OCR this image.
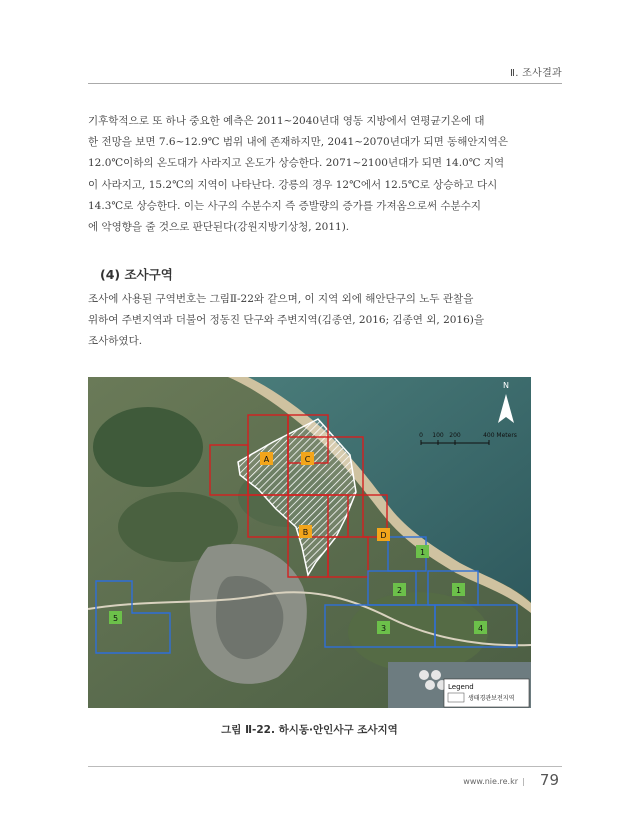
Ⅱ. 조사결과

기후학적으로 또 하나 중요한 예측은 2011~2040년대 영동 지방에서 연평균기온에 대
한 전망을 보면 7.6~12.9℃ 범위 내에 존재하지만, 2041~2070년대가 되면 동해안지역은
12.0℃이하의 온도대가 사라지고 온도가 상승한다. 2071~2100년대가 되면 14.0℃ 지역
이 사라지고, 15.2℃의 지역이 나타난다. 강릉의 경우 12℃에서 12.5℃로 상승하고 다시
14.3℃로 상승한다. 이는 사구의 수분수지 즉 증발량의 증가를 가져옴으로써 수분수지
에 악영향을 줄 것으로 판단된다(강원지방기상청, 2011).

(4) 조사구역

조사에 사용된 구역번호는 그림Ⅱ-22와 같으며, 이 지역 외에 해안단구의 노두 관찰을
위하여 주변지역과 더불어 정동진 단구와 주변지역(김종연, 2016; 김종연 외, 2016)을
조사하였다.

A	C
B	D
1
2	1
3	4
5
N
0 100 200	400 Meters
Legend
생태경관보전지역
그림 Ⅱ-22. 하시동·안인사구 조사지역
www.nie.re.kr | 79
